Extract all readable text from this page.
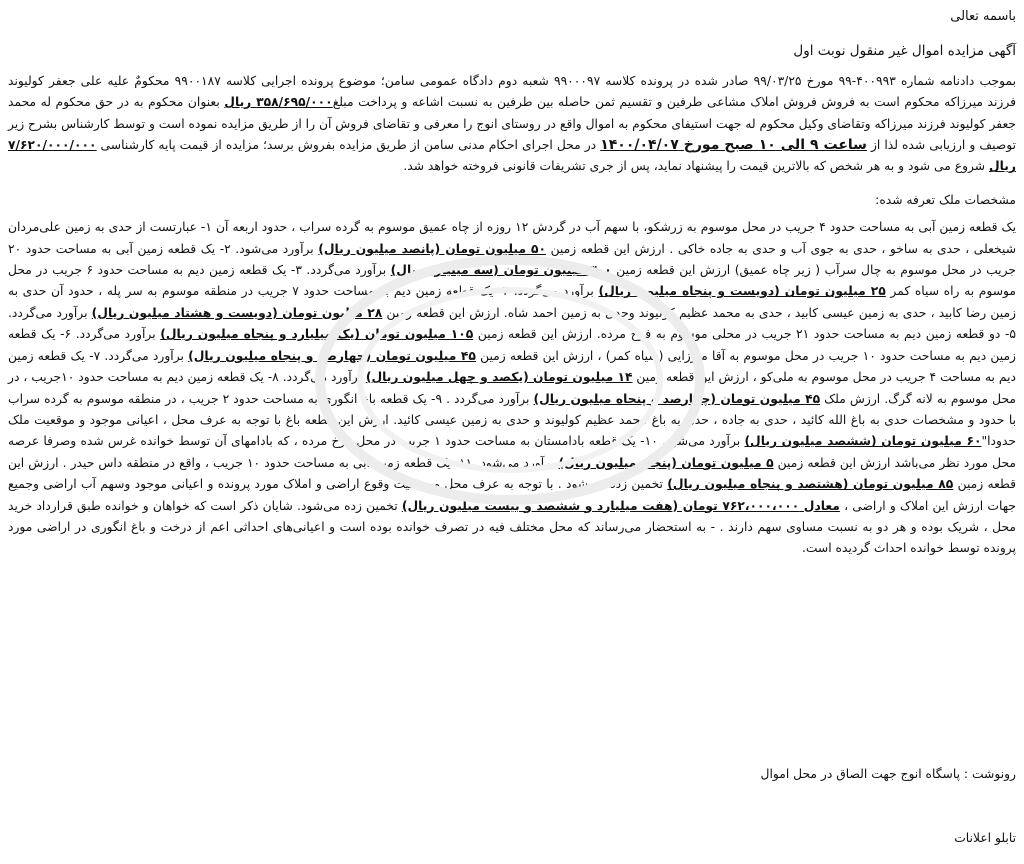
باسمه تعالی
آگهی مزایده اموال غیر منقول نوبت اول

بموجب دادنامه شماره ۴۰۰۹۹۳-۹۹ مورخ ۹۹/۰۳/۲۵ صادر شده در پرونده کلاسه ۹۹۰۰۰۹۷ شعبه دوم دادگاه عمومی سامن؛ موضوع پرونده اجرایی کلاسه ۹۹۰۰۱۸۷ محکومٌ علیه علی جعفر کولیوند فرزند میرزاکه محکوم است به فروش فروش املاک مشاعی طرفین و تقسیم ثمن حاصله بین طرفین به نسبت اشاعه و پرداخت مبلغ۳۵۸/۶۹۵/۰۰۰ ریال بعنوان محکوم به در حق محکوم له محمد جعفر کولیوند فرزند میرزاکه وتقاضای وکیل محکوم له جهت استیفای محکوم به اموال واقع در روستای انوج را معرفی و تقاضای فروش آن را از طریق مزایده نموده است و توسط کارشناس بشرح زیر توصیف و ارزیابی شده لذا از ساعت ۹ الی ۱۰ صبح مورخ ۱۴۰۰/۰۴/۰۷ در محل اجرای احکام مدنی سامن از طریق مزایده بفروش برسد؛ مزایده از قیمت پایه کارشناسی ۷/۶۲۰/۰۰۰/۰۰۰ ریال شروع می شود و به هر شخص که بالاترین قیمت را پیشنهاد نماید، پس از جری تشریفات قانونی فروخته خواهد شد.

مشخصات ملک تعرفه شده:

یک قطعه زمین آبی به مساحت حدود ۴ جریب در محل موسوم به زرشکو، با سهم آب در گردش ۱۲ روزه از چاه عمیق موسوم به گرده سراب ، حدود اربعه آن ۱- عبارتست از حدی به زمین علی‌مردان شیخعلی ، حدی به ساخو ، حدی به جوی آب و حدی به جاده خاکی . ارزش این قطعه زمین ۵۰ میلیون تومان (پانصد میلیون ریال) برآورد می‌شود. ۲- یک قطعه زمین آبی به مساحت حدود ۲۰ جریب در محل موسوم به چال سرآب ( زیر چاه عمیق) ارزش این قطعه زمین ۳۰۰ میلیون تومان (سه میلیارد ریال) برآورد می‌گردد. ۳- یک قطعه زمین دیم به مساحت حدود ۶ جریب در محل موسوم به راه سیاه کمر ۲۵ میلیون تومان (دویست و پنجاه میلیون ریال) برآورد می‌گردد. ۴- یک قطعه زمین دیم به مساحت حدود ۷ جریب در منطقه موسوم به سر پله ، حدود آن حدی به زمین رضا کابید ، حدی به زمین عیسی کابید ، حدی به محمد عظیم کولیوند وحدی به زمین احمد شاه. ارزش این قطعه زمین ۲۸ میلیون تومان (دویست و هشتاد میلیون ریال) برآورد می‌گردد. ۵- دو قطعه زمین دیم به مساحت حدود ۲۱ جریب در محلی موسوم به فرخ مرده. ارزش این قطعه زمین ۱۰۵ میلیون تومان (یک میلیارد و پنجاه میلیون ریال) برآورد می‌گردد. ۶- یک قطعه زمین دیم به مساحت حدود ۱۰ جریب در محل موسوم به آقا میرزایی (سیاه کمر) ، ارزش این قطعه زمین ۴۵ میلیون تومان (چهارصد و پنجاه میلیون ریال) برآورد می‌گردد. ۷- یک قطعه زمین دیم به مساحت ۴ جریب در محل موسوم به ملی‌کو ، ارزش این قطعه زمین ۱۴ میلیون تومان (یکصد و چهل میلیون ریال) برآورد می‌گردد. ۸- یک قطعه زمین دیم به مساحت حدود ۱۰جریب ، در محل موسوم به لانه گرگ. ارزش ملک ۴۵ میلیون تومان (چهارصد و پنجاه میلیون ریال) برآورد می‌گردد . ۹- یک قطعه باغ انگوری به مساحت حدود ۲ جریب ، در منطقه موسوم به گرده سراب با حدود و مشخصات حدی به باغ الله کائید ، حدی به جاده ، حدی به باغ محمد عظیم کولیوند و حدی به زمین عیسی کائید. ارزش این قطعه باغ با توجه به عرف محل ، اعیانی موجود و موقعیت ملک حدودا"۶۰ میلیون تومان (ششصد میلیون ریال) برآورد می‌شود. ۱۰- یک قطعه بادامستان به مساحت حدود ۱ جریب در محل فرخ مرده ، که بادامهای آن توسط خوانده غرس شده وصرفا عرصه محل مورد نظر می‌باشد ارزش این قطعه زمین ۵ میلیون تومان (پنجاه میلیون ریال) برآورد می‌شود. ۱۱- یک قطعه زمین آبی به مساحت حدود ۱۰ جریب ، واقع در منطقه داس حیدر . ارزش این قطعه زمین ۸۵ میلیون تومان (هشتصد و پنجاه میلیون ریال) تخمین زده می‌شود . با توجه به عرف محل وموقعیت وقوع اراضی و املاک مورد پرونده و اعیانی موجود وسهم آب اراضی وجمیع جهات ارزش این املاک و اراضی ، معادل ۷۶۲،۰۰۰،۰۰۰ تومان (هفت میلیارد و ششصد و بیست میلیون ریال) تخمین زده می‌شود. شایان ذکر است که خواهان و خوانده طبق قرارداد خرید محل ، شریک بوده و هر دو به نسبت مساوی سهم دارند . - به استحضار می‌رساند که محل مختلف فیه در تصرف خوانده بوده است و اعیانی‌های احداثی اعم از درخت و باغ انگوری در اراضی مورد پرونده توسط خوانده احداث گردیده است.

رونوشت : پاسگاه انوج جهت الصاق در محل اموال
تابلو اعلانات
